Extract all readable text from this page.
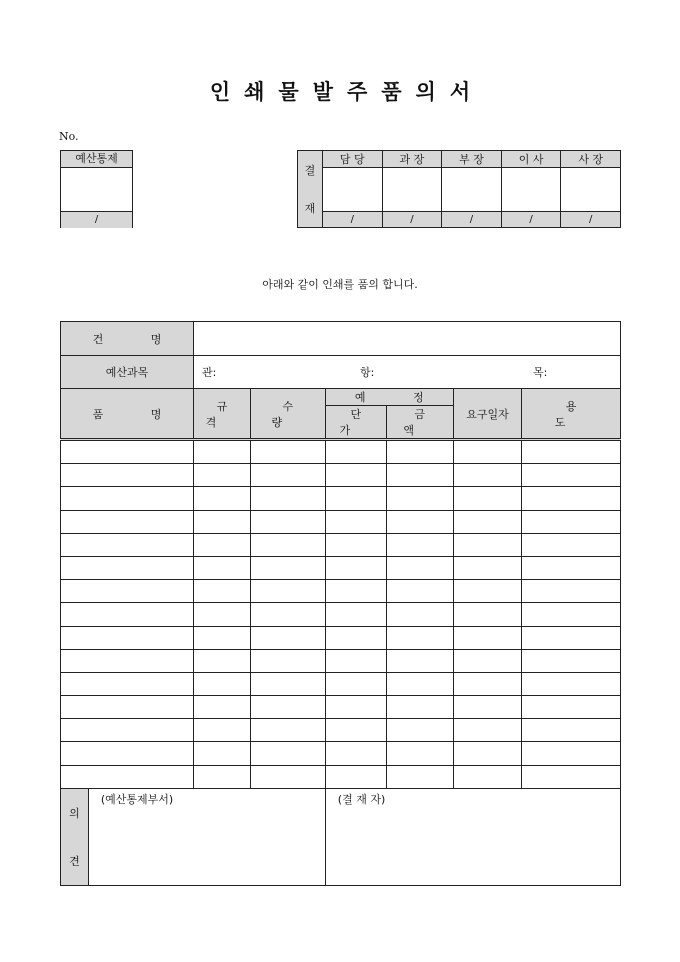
인쇄물발주품의서
No.
예산통제
/
결
재	담 당	과 장	부 장	이 사	사 장

	/	/	/	/	/
아래와 같이 인쇄를 품의 합니다.
건 명							
예산과목		관: 항: 목:					

품 명		규 격	수 량	예 정		요구일자	용 도
				단 가	금 액		

의
견	(예산통제부서)			(결 재 자)			
